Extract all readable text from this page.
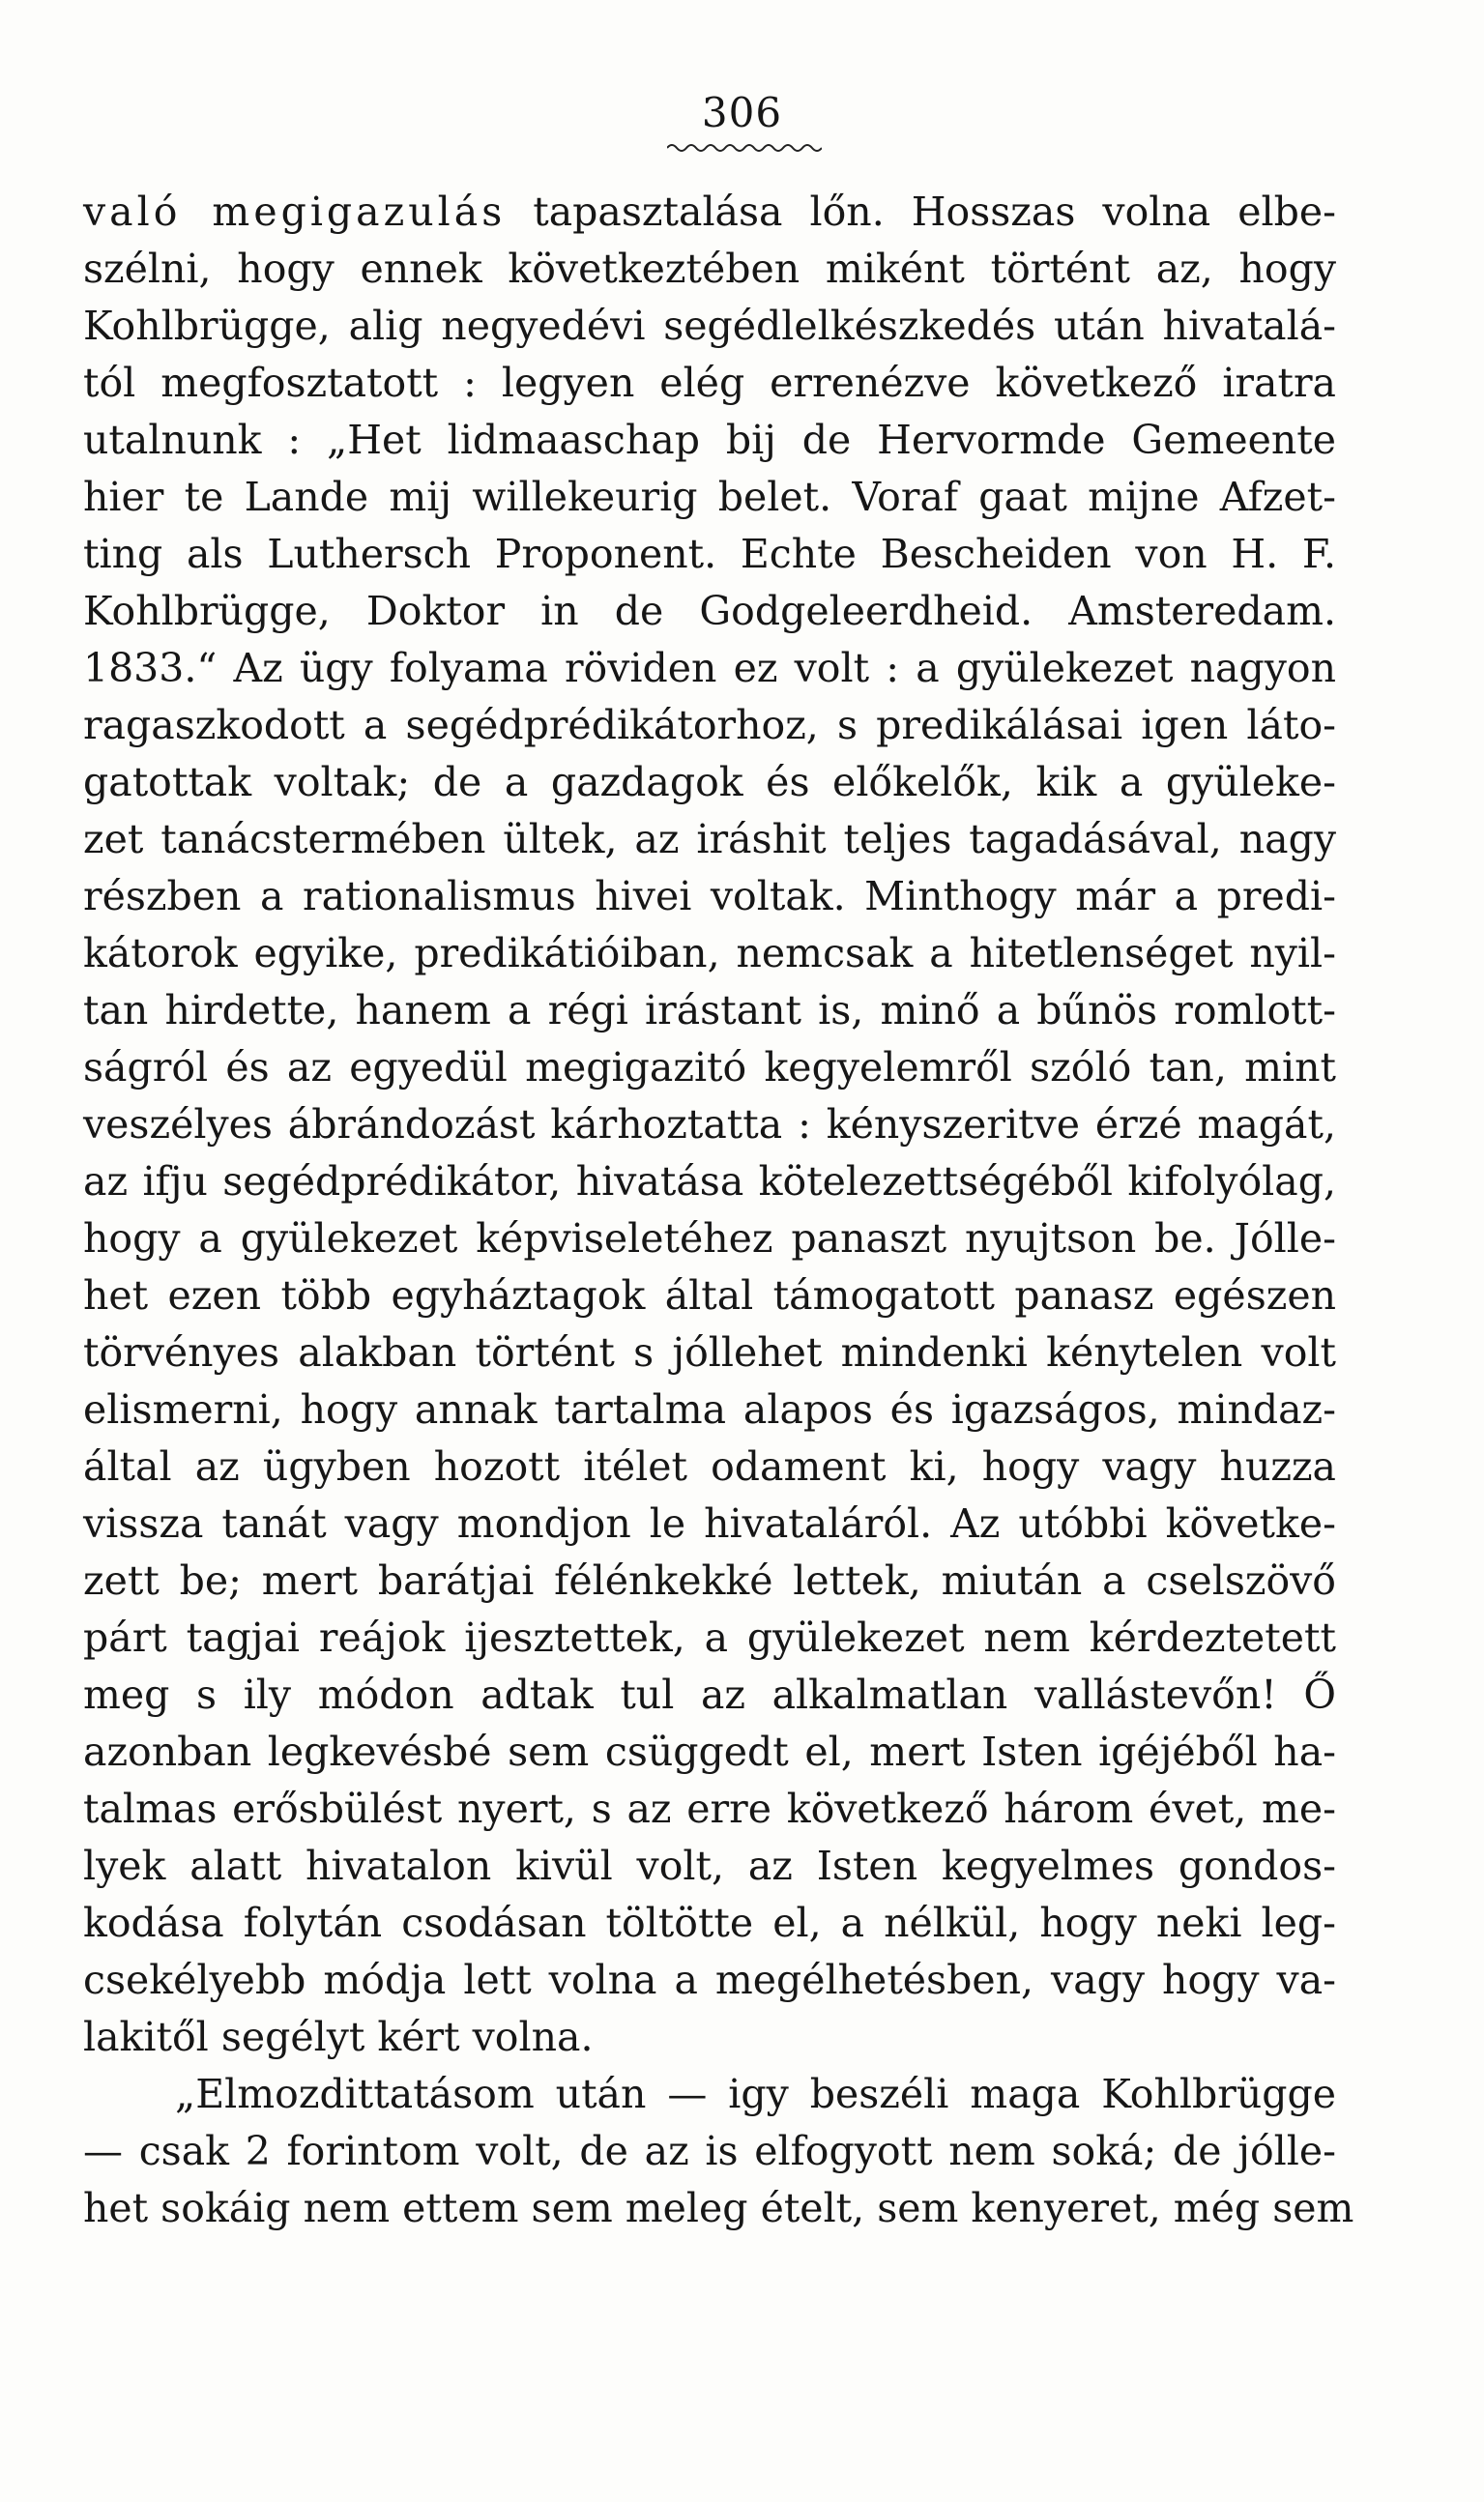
306
való megigazulás tapasztalása lőn. Hosszas volna elbe-
szélni, hogy ennek következtében miként történt az, hogy
Kohlbrügge, alig negyedévi segédlelkészkedés után hivatalá-
tól megfosztatott : legyen elég errenézve következő iratra
utalnunk : „Het lidmaaschap bij de Hervormde Gemeente
hier te Lande mij willekeurig belet. Voraf gaat mijne Afzet-
ting als Luthersch Proponent. Echte Bescheiden von H. F.
Kohlbrügge, Doktor in de Godgeleerdheid. Amsteredam.
1833.“ Az ügy folyama röviden ez volt : a gyülekezet nagyon
ragaszkodott a segédprédikátorhoz, s predikálásai igen láto-
gatottak voltak; de a gazdagok és előkelők, kik a gyüleke-
zet tanácstermében ültek, az iráshit teljes tagadásával, nagy
részben a rationalismus hivei voltak. Minthogy már a predi-
kátorok egyike, predikátióiban, nemcsak a hitetlenséget nyil-
tan hirdette, hanem a régi irástant is, minő a bűnös romlott-
ságról és az egyedül megigazitó kegyelemről szóló tan, mint
veszélyes ábrándozást kárhoztatta : kényszeritve érzé magát,
az ifju segédprédikátor, hivatása kötelezettségéből kifolyólag,
hogy a gyülekezet képviseletéhez panaszt nyujtson be. Jólle-
het ezen több egyháztagok által támogatott panasz egészen
törvényes alakban történt s jóllehet mindenki kénytelen volt
elismerni, hogy annak tartalma alapos és igazságos, mindaz-
által az ügyben hozott itélet odament ki, hogy vagy huzza
vissza tanát vagy mondjon le hivataláról. Az utóbbi követke-
zett be; mert barátjai félénkekké lettek, miután a cselszövő
párt tagjai reájok ijesztettek, a gyülekezet nem kérdeztetett
meg s ily módon adtak tul az alkalmatlan vallástevőn! Ő
azonban legkevésbé sem csüggedt el, mert Isten igéjéből ha-
talmas erősbülést nyert, s az erre következő három évet, me-
lyek alatt hivatalon kivül volt, az Isten kegyelmes gondos-
kodása folytán csodásan töltötte el, a nélkül, hogy neki leg-
csekélyebb módja lett volna a megélhetésben, vagy hogy va-
lakitől segélyt kért volna.
„Elmozdittatásom után — igy beszéli maga Kohlbrügge
— csak 2 forintom volt, de az is elfogyott nem soká; de jólle-
het sokáig nem ettem sem meleg ételt, sem kenyeret, még sem
